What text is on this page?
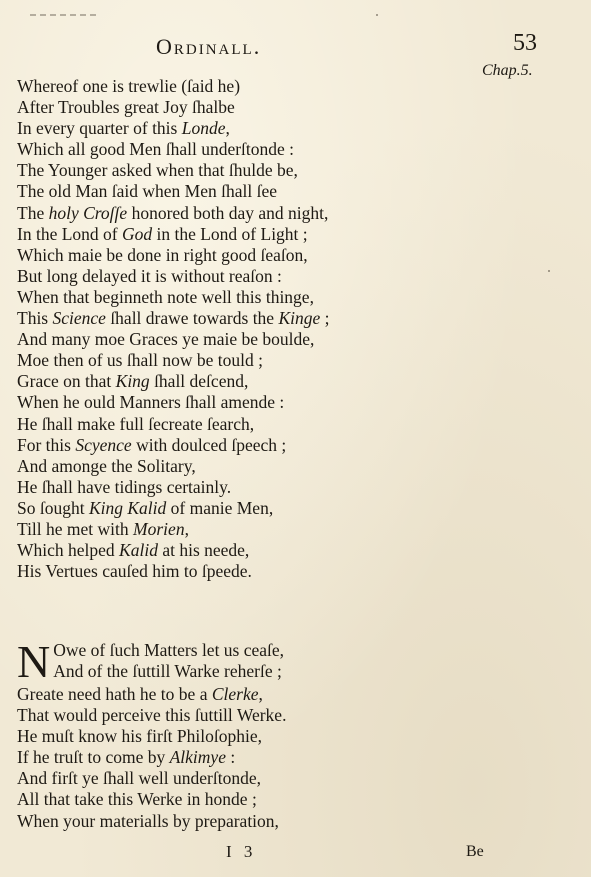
Ordinall.	53
Chap.5.
Whereof one is trewlie (ſaid he)
After Troubles great Joy ſhalbe
In every quarter of this Londe,
Which all good Men ſhall underſtonde :
The Younger asked when that ſhulde be,
The old Man ſaid when Men ſhall ſee
The holy Croſſe honored both day and night,
In the Lond of God in the Lond of Light ;
Which maie be done in right good ſeaſon,
But long delayed it is without reaſon :
When that beginneth note well this thinge,
This Science ſhall drawe towards the Kinge ;
And many moe Graces ye maie be boulde,
Moe then of us ſhall now be tould ;
Grace on that King ſhall deſcend,
When he ould Manners ſhall amende :
He ſhall make full ſecreate ſearch,
For this Scyence with doulced ſpeech ;
And amonge the Solitary,
He ſhall have tidings certainly.
So ſought King Kalid of manie Men,
Till he met with Morien,
Which helped Kalid at his neede,
His Vertues cauſed him to ſpeede.
N Owe of ſuch Matters let us ceaſe,
And of the ſuttill Warke reherſe ;
Greate need hath he to be a Clerke,
That would perceive this ſuttill Werke.
He muſt know his firſt Philoſophie,
If he truſt to come by Alkimye :
And firſt ye ſhall well underſtonde,
All that take this Werke in honde ;
When your materialls by preparation,
I 3	Be
